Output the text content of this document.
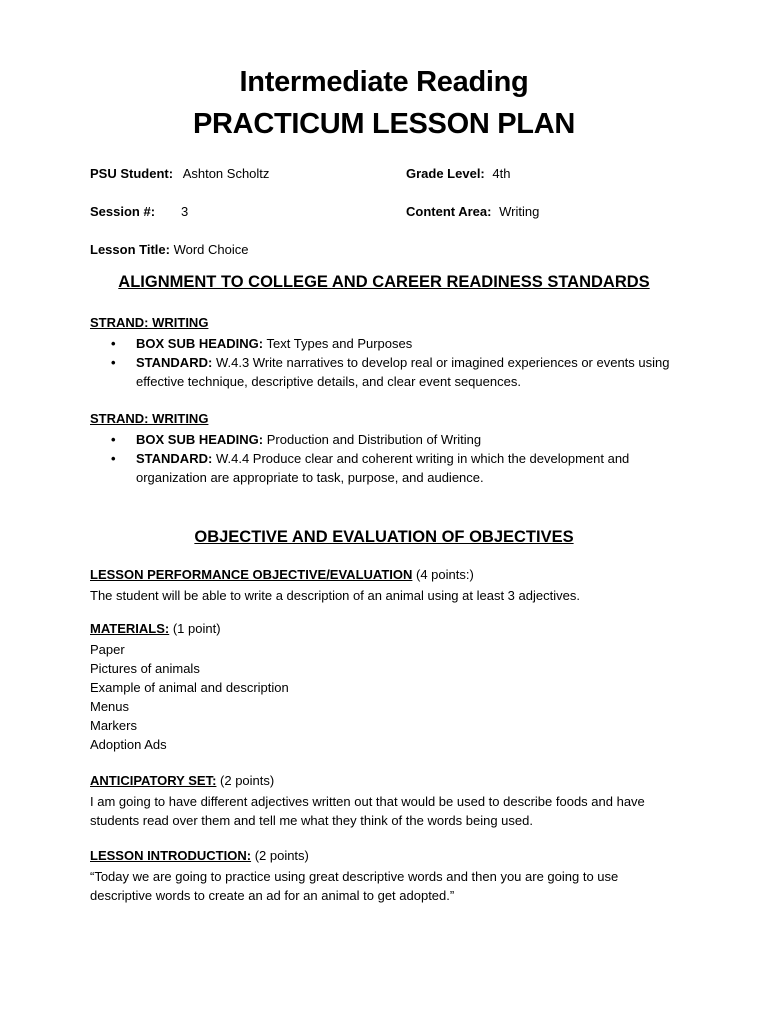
Intermediate Reading
PRACTICUM LESSON PLAN
PSU Student: Ashton Scholtz	Grade Level: 4th
Session #: 3	Content Area: Writing
Lesson Title: Word Choice
ALIGNMENT TO COLLEGE AND CAREER READINESS STANDARDS
STRAND: WRITING
•	BOX SUB HEADING: Text Types and Purposes
•	STANDARD: W.4.3 Write narratives to develop real or imagined experiences or events using effective technique, descriptive details, and clear event sequences.
STRAND: WRITING
•	BOX SUB HEADING: Production and Distribution of Writing
•	STANDARD: W.4.4 Produce clear and coherent writing in which the development and organization are appropriate to task, purpose, and audience.
OBJECTIVE AND EVALUATION OF OBJECTIVES
LESSON PERFORMANCE OBJECTIVE/EVALUATION (4 points:)
The student will be able to write a description of an animal using at least 3 adjectives.
MATERIALS: (1 point)
Paper
Pictures of animals
Example of animal and description
Menus
Markers
Adoption Ads
ANTICIPATORY SET: (2 points)
I am going to have different adjectives written out that would be used to describe foods and have students read over them and tell me what they think of the words being used.
LESSON INTRODUCTION: (2 points)
“Today we are going to practice using great descriptive words and then you are going to use descriptive words to create an ad for an animal to get adopted.”
